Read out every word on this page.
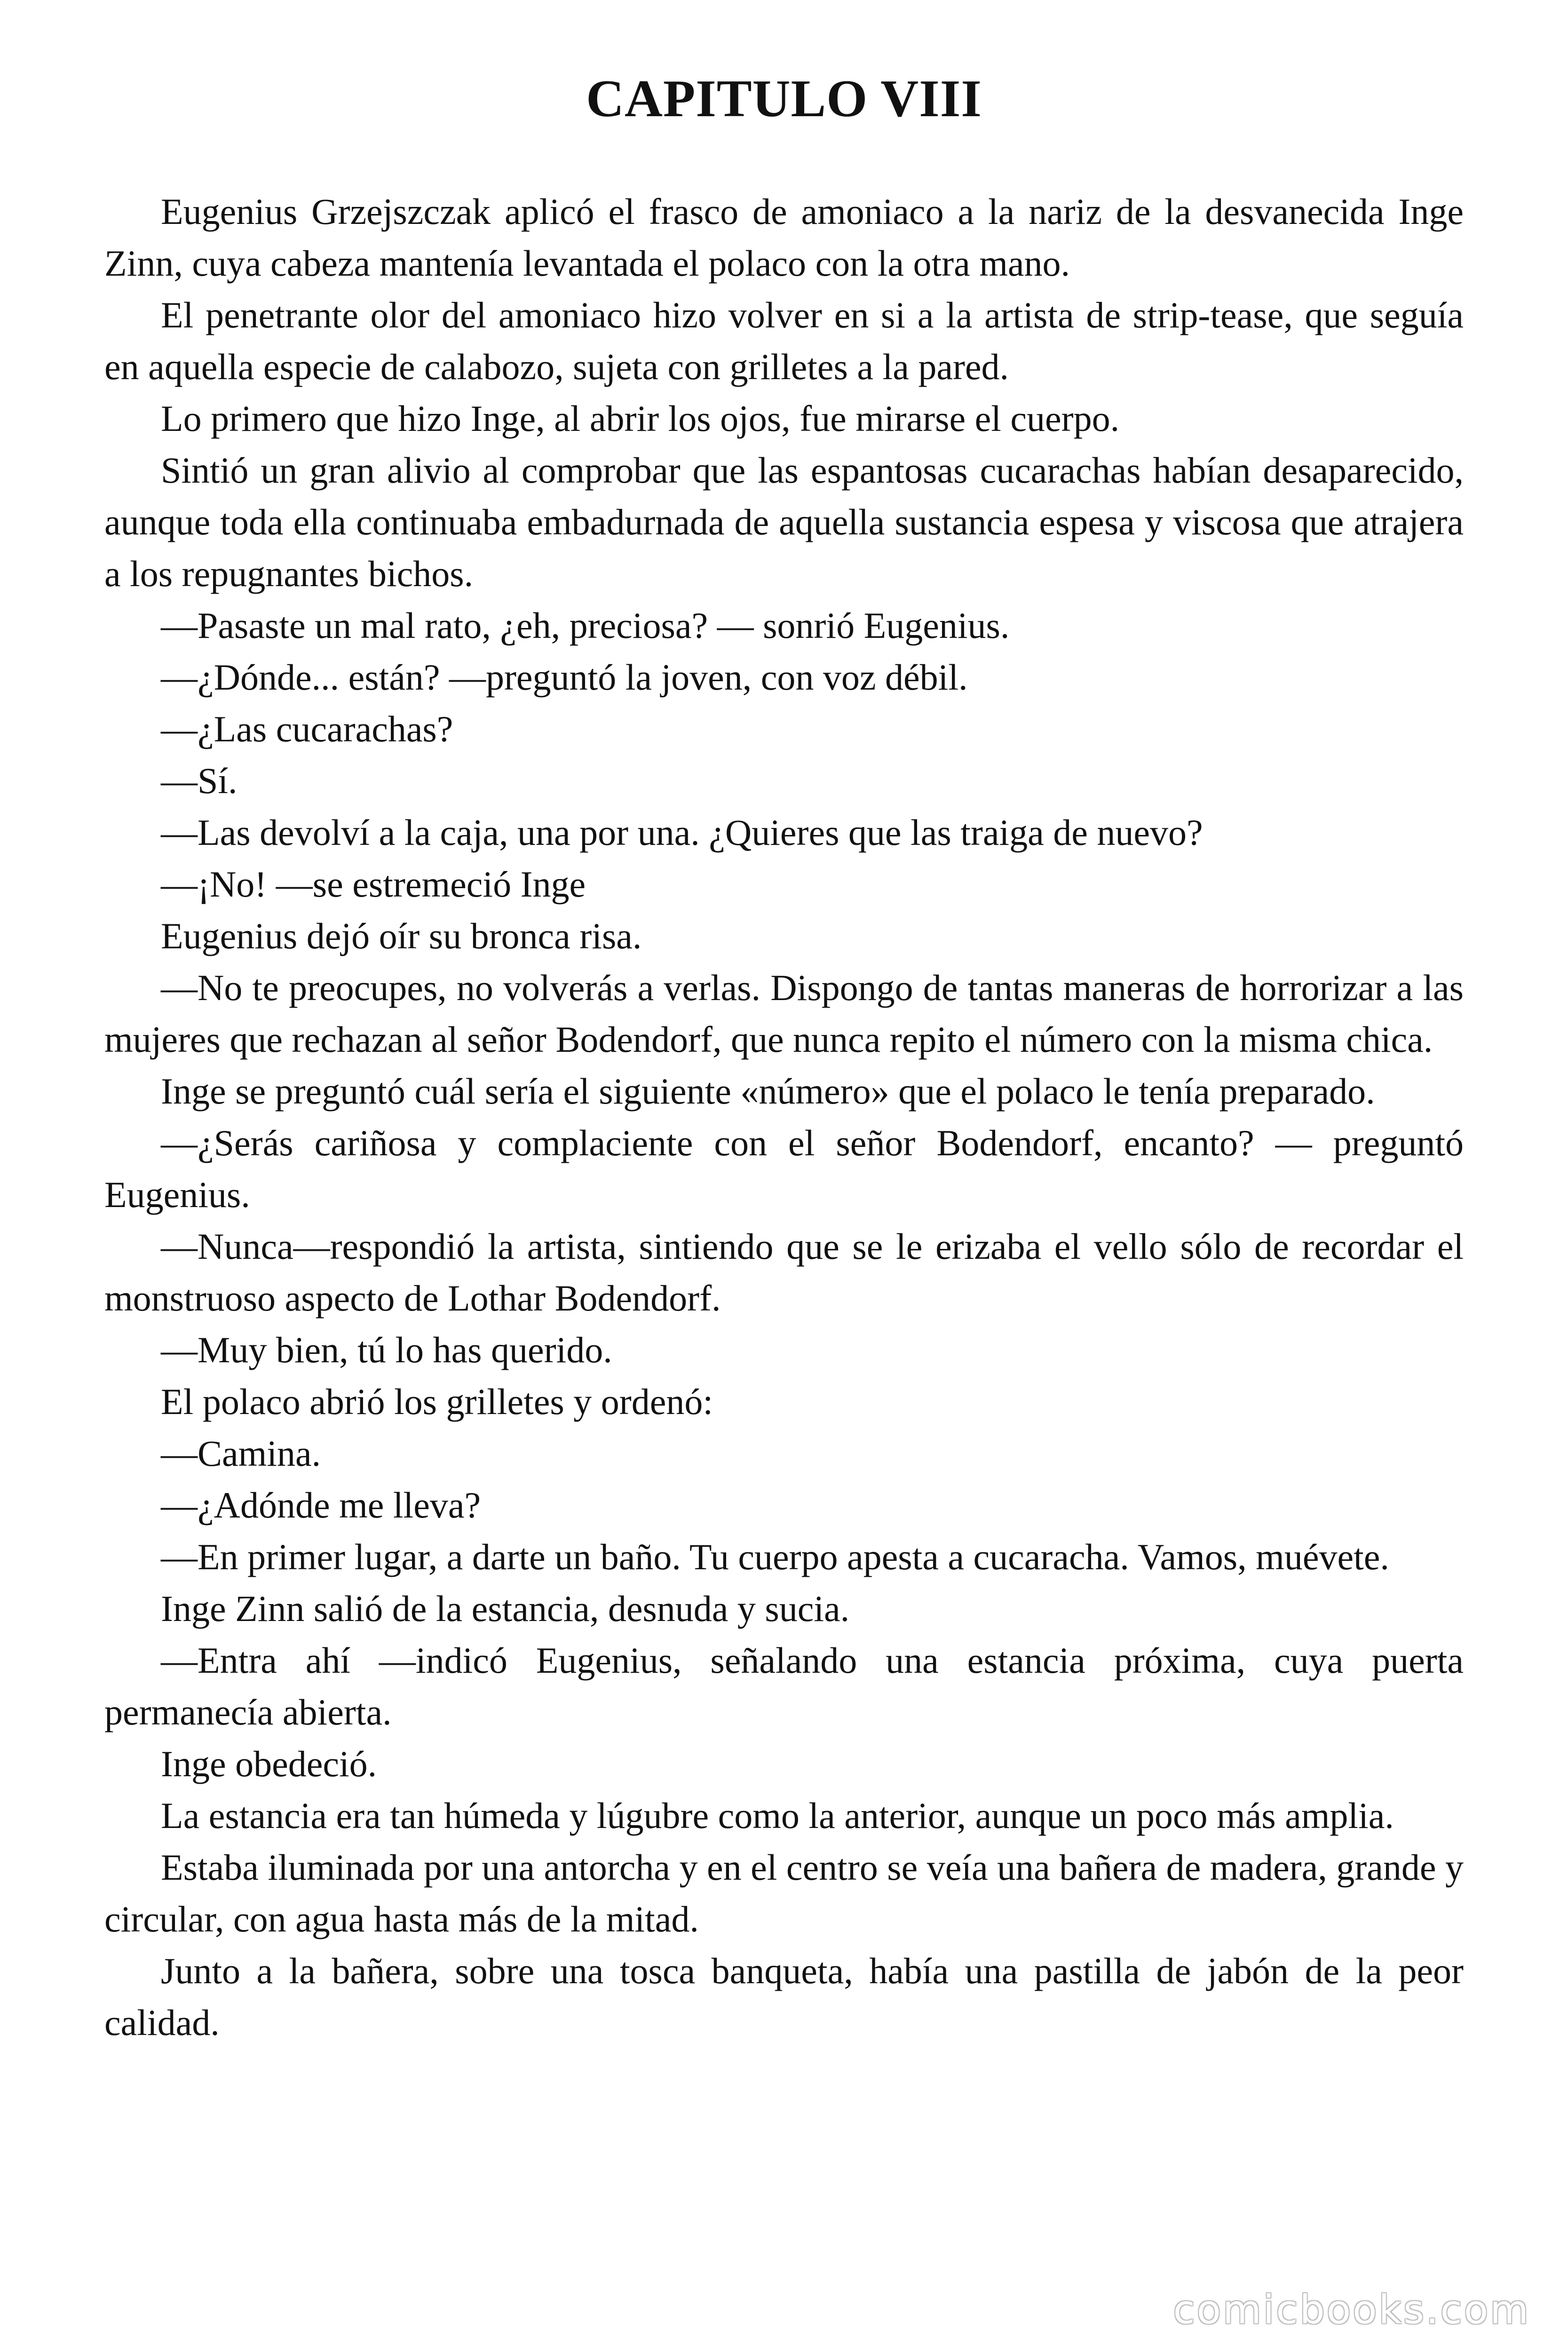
CAPITULO VIII

Eugenius Grzejszczak aplicó el frasco de amoniaco a la nariz de la desvanecida Inge Zinn, cuya cabeza mantenía levantada el polaco con la otra mano.

El penetrante olor del amoniaco hizo volver en si a la artista de strip-tease, que seguía en aquella especie de calabozo, sujeta con grilletes a la pared.

Lo primero que hizo Inge, al abrir los ojos, fue mirarse el cuerpo.

Sintió un gran alivio al comprobar que las espantosas cucarachas habían desaparecido, aunque toda ella continuaba embadurnada de aquella sustancia espesa y viscosa que atrajera a los repugnantes bichos.

—Pasaste un mal rato, ¿eh, preciosa? — sonrió Eugenius.

—¿Dónde... están? —preguntó la joven, con voz débil.

—¿Las cucarachas?

—Sí.

—Las devolví a la caja, una por una. ¿Quieres que las traiga de nuevo?

—¡No! —se estremeció Inge

Eugenius dejó oír su bronca risa.

—No te preocupes, no volverás a verlas. Dispongo de tantas maneras de horrorizar a las mujeres que rechazan al señor Bodendorf, que nunca repito el número con la misma chica.

Inge se preguntó cuál sería el siguiente «número» que el polaco le tenía preparado.

—¿Serás cariñosa y complaciente con el señor Bodendorf, encanto? — preguntó Eugenius.

—Nunca—respondió la artista, sintiendo que se le erizaba el vello sólo de recordar el monstruoso aspecto de Lothar Bodendorf.

—Muy bien, tú lo has querido.

El polaco abrió los grilletes y ordenó:

—Camina.

—¿Adónde me lleva?

—En primer lugar, a darte un baño. Tu cuerpo apesta a cucaracha. Vamos, muévete.

Inge Zinn salió de la estancia, desnuda y sucia.

—Entra ahí —indicó Eugenius, señalando una estancia próxima, cuya puerta permanecía abierta.

Inge obedeció.

La estancia era tan húmeda y lúgubre como la anterior, aunque un poco más amplia.

Estaba iluminada por una antorcha y en el centro se veía una bañera de madera, grande y circular, con agua hasta más de la mitad.

Junto a la bañera, sobre una tosca banqueta, había una pastilla de jabón de la peor calidad.

comicbooks.com
